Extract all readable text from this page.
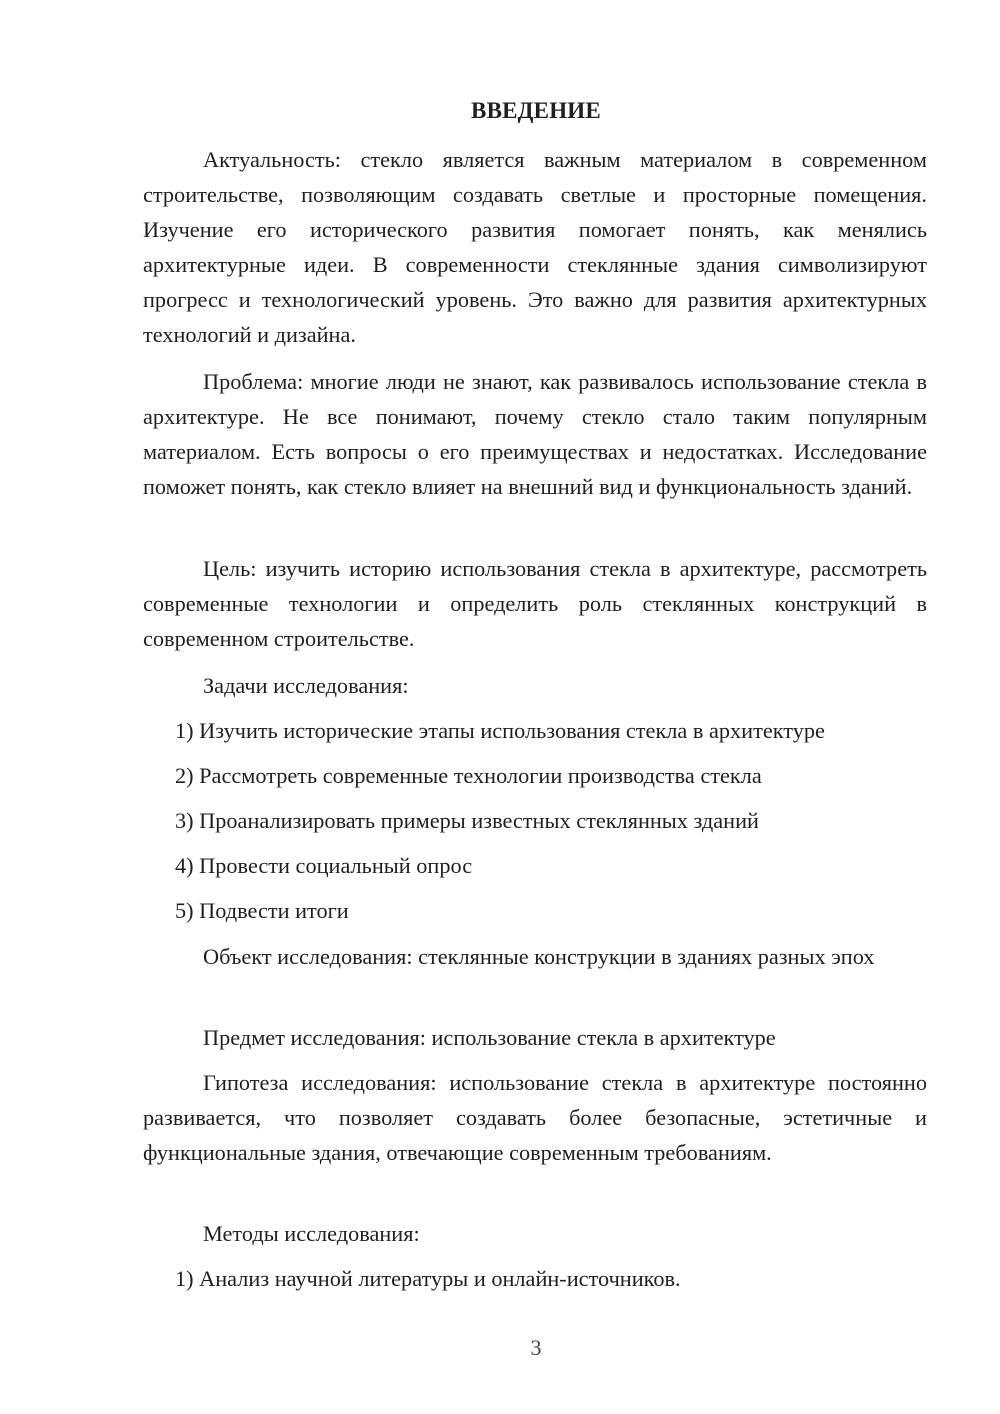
ВВЕДЕНИЕ

Актуальность: стекло является важным материалом в современном строительстве, позволяющим создавать светлые и просторные помещения. Изучение его исторического развития помогает понять, как менялись архитектурные идеи. В современности стеклянные здания символизируют прогресс и технологический уровень. Это важно для развития архитектурных технологий и дизайна.

Проблема: многие люди не знают, как развивалось использование стекла в архитектуре. Не все понимают, почему стекло стало таким популярным материалом. Есть вопросы о его преимуществах и недостатках. Исследование поможет понять, как стекло влияет на внешний вид и функциональность зданий.

Цель: изучить историю использования стекла в архитектуре, рассмотреть современные технологии и определить роль стеклянных конструкций в современном строительстве.

Задачи исследования:
1) Изучить исторические этапы использования стекла в архитектуре
2) Рассмотреть современные технологии производства стекла
3) Проанализировать примеры известных стеклянных зданий
4) Провести социальный опрос
5) Подвести итоги

Объект исследования: стеклянные конструкции в зданиях разных эпох

Предмет исследования: использование стекла в архитектуре

Гипотеза исследования: использование стекла в архитектуре постоянно развивается, что позволяет создавать более безопасные, эстетичные и функциональные здания, отвечающие современным требованиям.

Методы исследования:
1) Анализ научной литературы и онлайн-источников.
3
